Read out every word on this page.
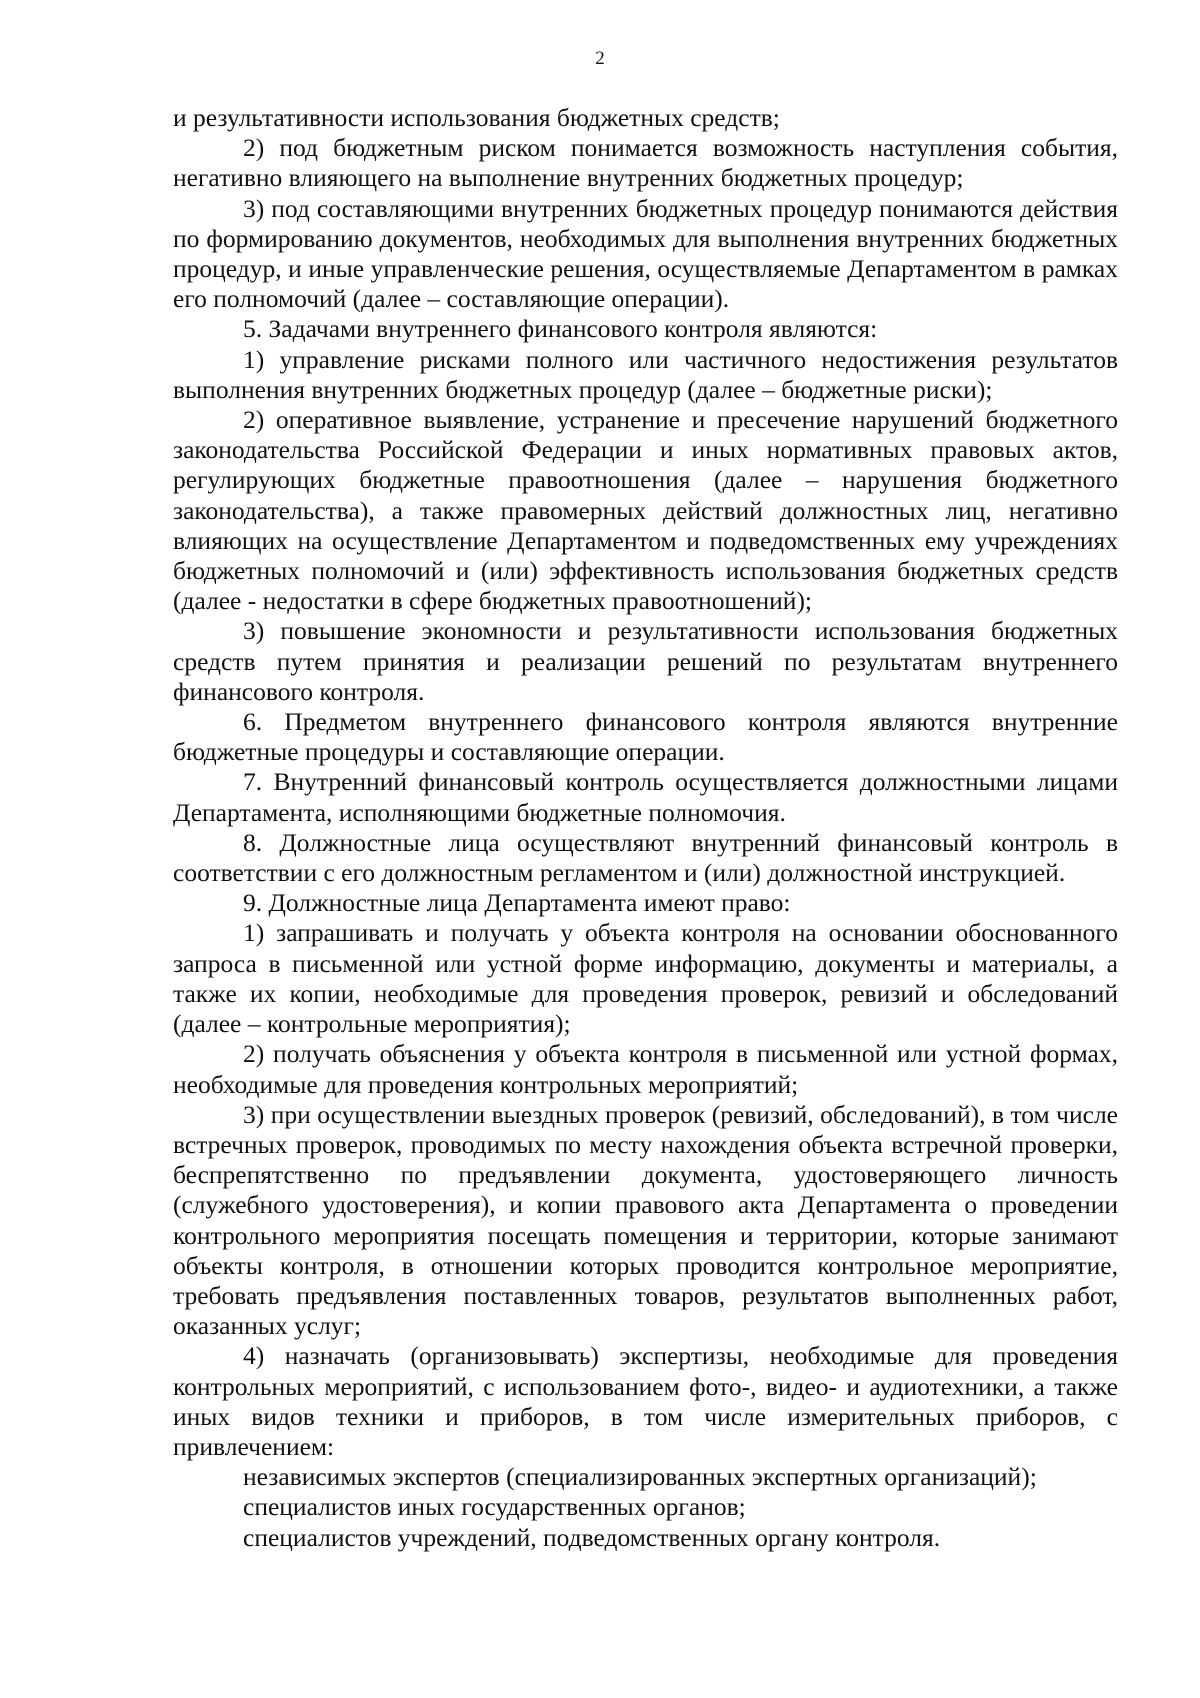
2

и результативности использования бюджетных средств;

2) под бюджетным риском понимается возможность наступления события, негативно влияющего на выполнение внутренних бюджетных процедур;

3) под составляющими внутренних бюджетных процедур понимаются действия по формированию документов, необходимых для выполнения внутренних бюджетных процедур, и иные управленческие решения, осуществляемые Департаментом в рамках его полномочий (далее – составляющие операции).

5. Задачами внутреннего финансового контроля являются:

1) управление рисками полного или частичного недостижения результатов выполнения внутренних бюджетных процедур (далее – бюджетные риски);

2) оперативное выявление, устранение и пресечение нарушений бюджетного законодательства Российской Федерации и иных нормативных правовых актов, регулирующих бюджетные правоотношения (далее – нарушения бюджетного законодательства), а также правомерных действий должностных лиц, негативно влияющих на осуществление Департаментом и подведомственных ему учреждениях бюджетных полномочий и (или) эффективность использования бюджетных средств (далее - недостатки в сфере бюджетных правоотношений);

3) повышение экономности и результативности использования бюджетных средств путем принятия и реализации решений по результатам внутреннего финансового контроля.

6. Предметом внутреннего финансового контроля являются внутренние бюджетные процедуры и составляющие операции.

7. Внутренний финансовый контроль осуществляется должностными лицами Департамента, исполняющими бюджетные полномочия.

8. Должностные лица осуществляют внутренний финансовый контроль в соответствии с его должностным регламентом и (или) должностной инструкцией.

9. Должностные лица Департамента имеют право:

1) запрашивать и получать у объекта контроля на основании обоснованного запроса в письменной или устной форме информацию, документы и материалы, а также их копии, необходимые для проведения проверок, ревизий и обследований (далее – контрольные мероприятия);

2) получать объяснения у объекта контроля в письменной или устной формах, необходимые для проведения контрольных мероприятий;

3) при осуществлении выездных проверок (ревизий, обследований), в том числе встречных проверок, проводимых по месту нахождения объекта встречной проверки, беспрепятственно по предъявлении документа, удостоверяющего личность (служебного удостоверения), и копии правового акта Департамента о проведении контрольного мероприятия посещать помещения и территории, которые занимают объекты контроля, в отношении которых проводится контрольное мероприятие, требовать предъявления поставленных товаров, результатов выполненных работ, оказанных услуг;

4) назначать (организовывать) экспертизы, необходимые для проведения контрольных мероприятий, с использованием фото-, видео- и аудиотехники, а также иных видов техники и приборов, в том числе измерительных приборов, с привлечением:

независимых экспертов (специализированных экспертных организаций);

специалистов иных государственных органов;

специалистов учреждений, подведомственных органу контроля.
